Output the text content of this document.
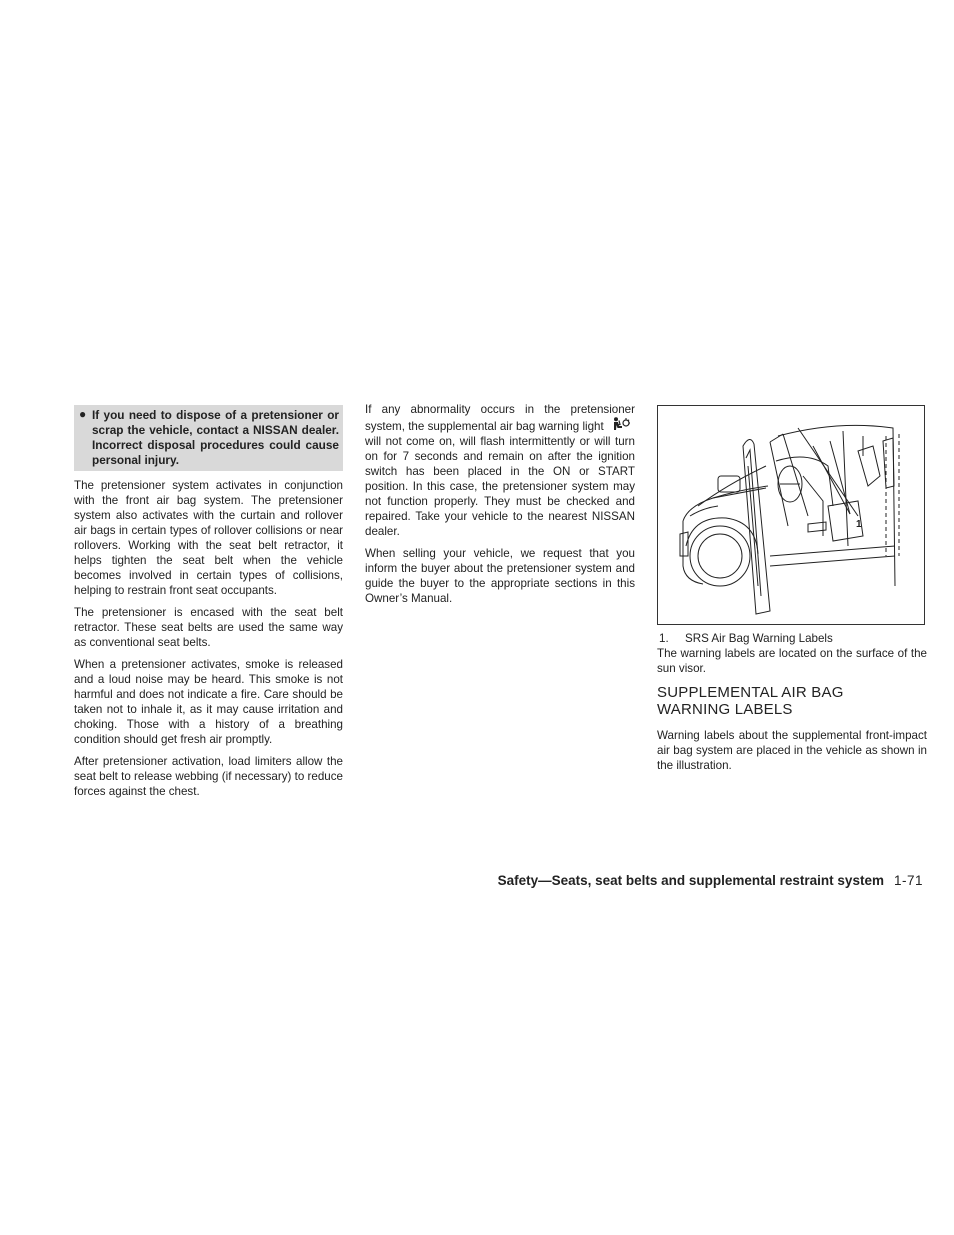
● If you need to dispose of a pretensioner or scrap the vehicle, contact a NISSAN dealer. Incorrect disposal procedures could cause personal injury.

The pretensioner system activates in conjunction with the front air bag system. The pretensioner system also activates with the curtain and rollover air bags in certain types of rollover collisions or near rollovers. Working with the seat belt retractor, it helps tighten the seat belt when the vehicle becomes involved in certain types of collisions, helping to restrain front seat occupants.

The pretensioner is encased with the seat belt retractor. These seat belts are used the same way as conventional seat belts.

When a pretensioner activates, smoke is released and a loud noise may be heard. This smoke is not harmful and does not indicate a fire. Care should be taken not to inhale it, as it may cause irritation and choking. Those with a history of a breathing condition should get fresh air promptly.

After pretensioner activation, load limiters allow the seat belt to release webbing (if necessary) to reduce forces against the chest.

If any abnormality occurs in the pretensioner system, the supplemental air bag warning light  will not come on, will flash intermittently or will turn on for 7 seconds and remain on after the ignition switch has been placed in the ON or START position. In this case, the pretensioner system may not function properly. They must be checked and repaired. Take your vehicle to the nearest NISSAN dealer.

When selling your vehicle, we request that you inform the buyer about the pretensioner system and guide the buyer to the appropriate sections in this Owner’s Manual.

1
1. SRS Air Bag Warning Labels

The warning labels are located on the surface of the sun visor.

SUPPLEMENTAL AIR BAG
WARNING LABELS

Warning labels about the supplemental front-impact air bag system are placed in the vehicle as shown in the illustration.

Safety—Seats, seat belts and supplemental restraint system 1-71
